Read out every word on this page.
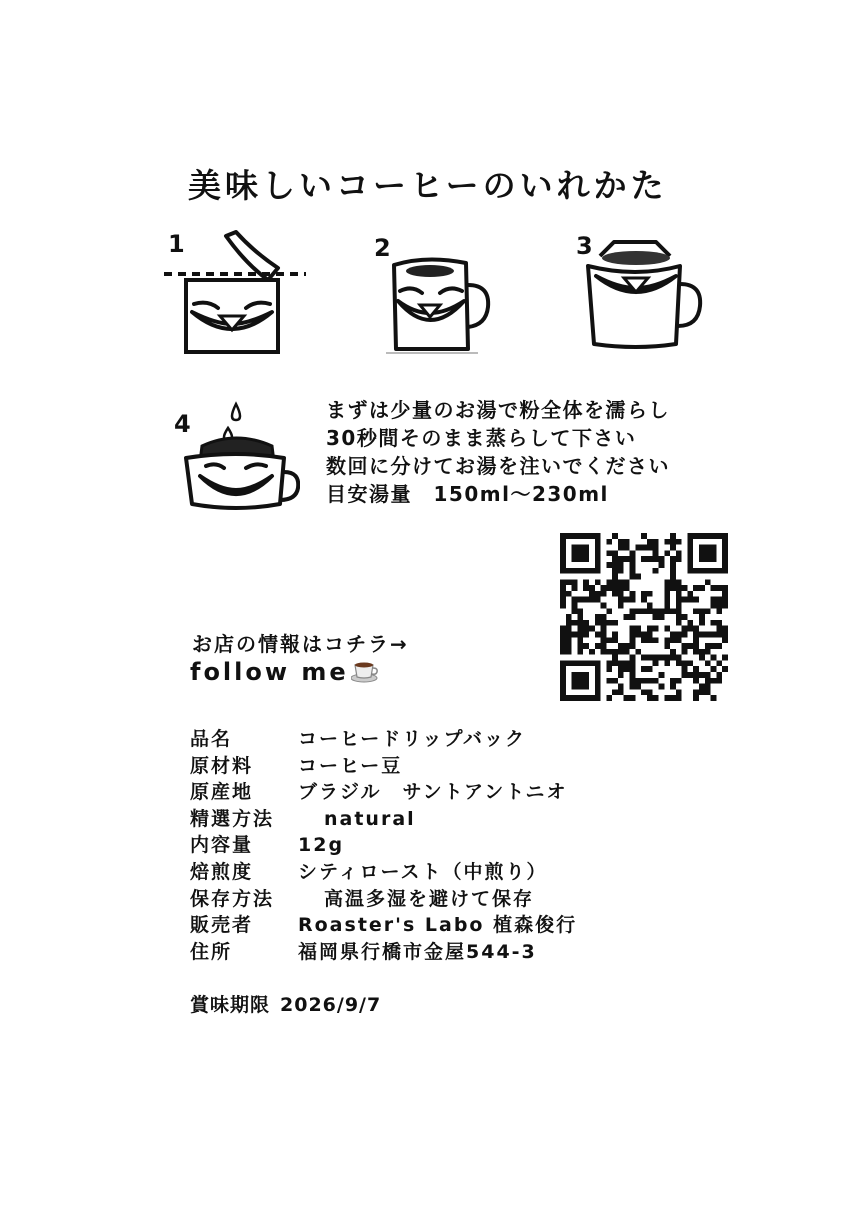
美味しいコーヒーのいれかた
1	2	3
4	まずは少量のお湯で粉全体を濡らし
30秒間そのまま蒸らして下さい
数回に分けてお湯を注いでください
目安湯量　150ml～230ml
お店の情報はコチラ→
follow me
品名	コーヒードリップバック
原材料 コーヒー豆
原産地 ブラジル　サントアントニオ
精選方法	natural
内容量 12g
焙煎度 シティロースト（中煎り）
保存方法	高温多湿を避けて保存
販売者 Roaster's Labo 植森俊行
住所	福岡県行橋市金屋544-3
賞味期限 2026/9/7
